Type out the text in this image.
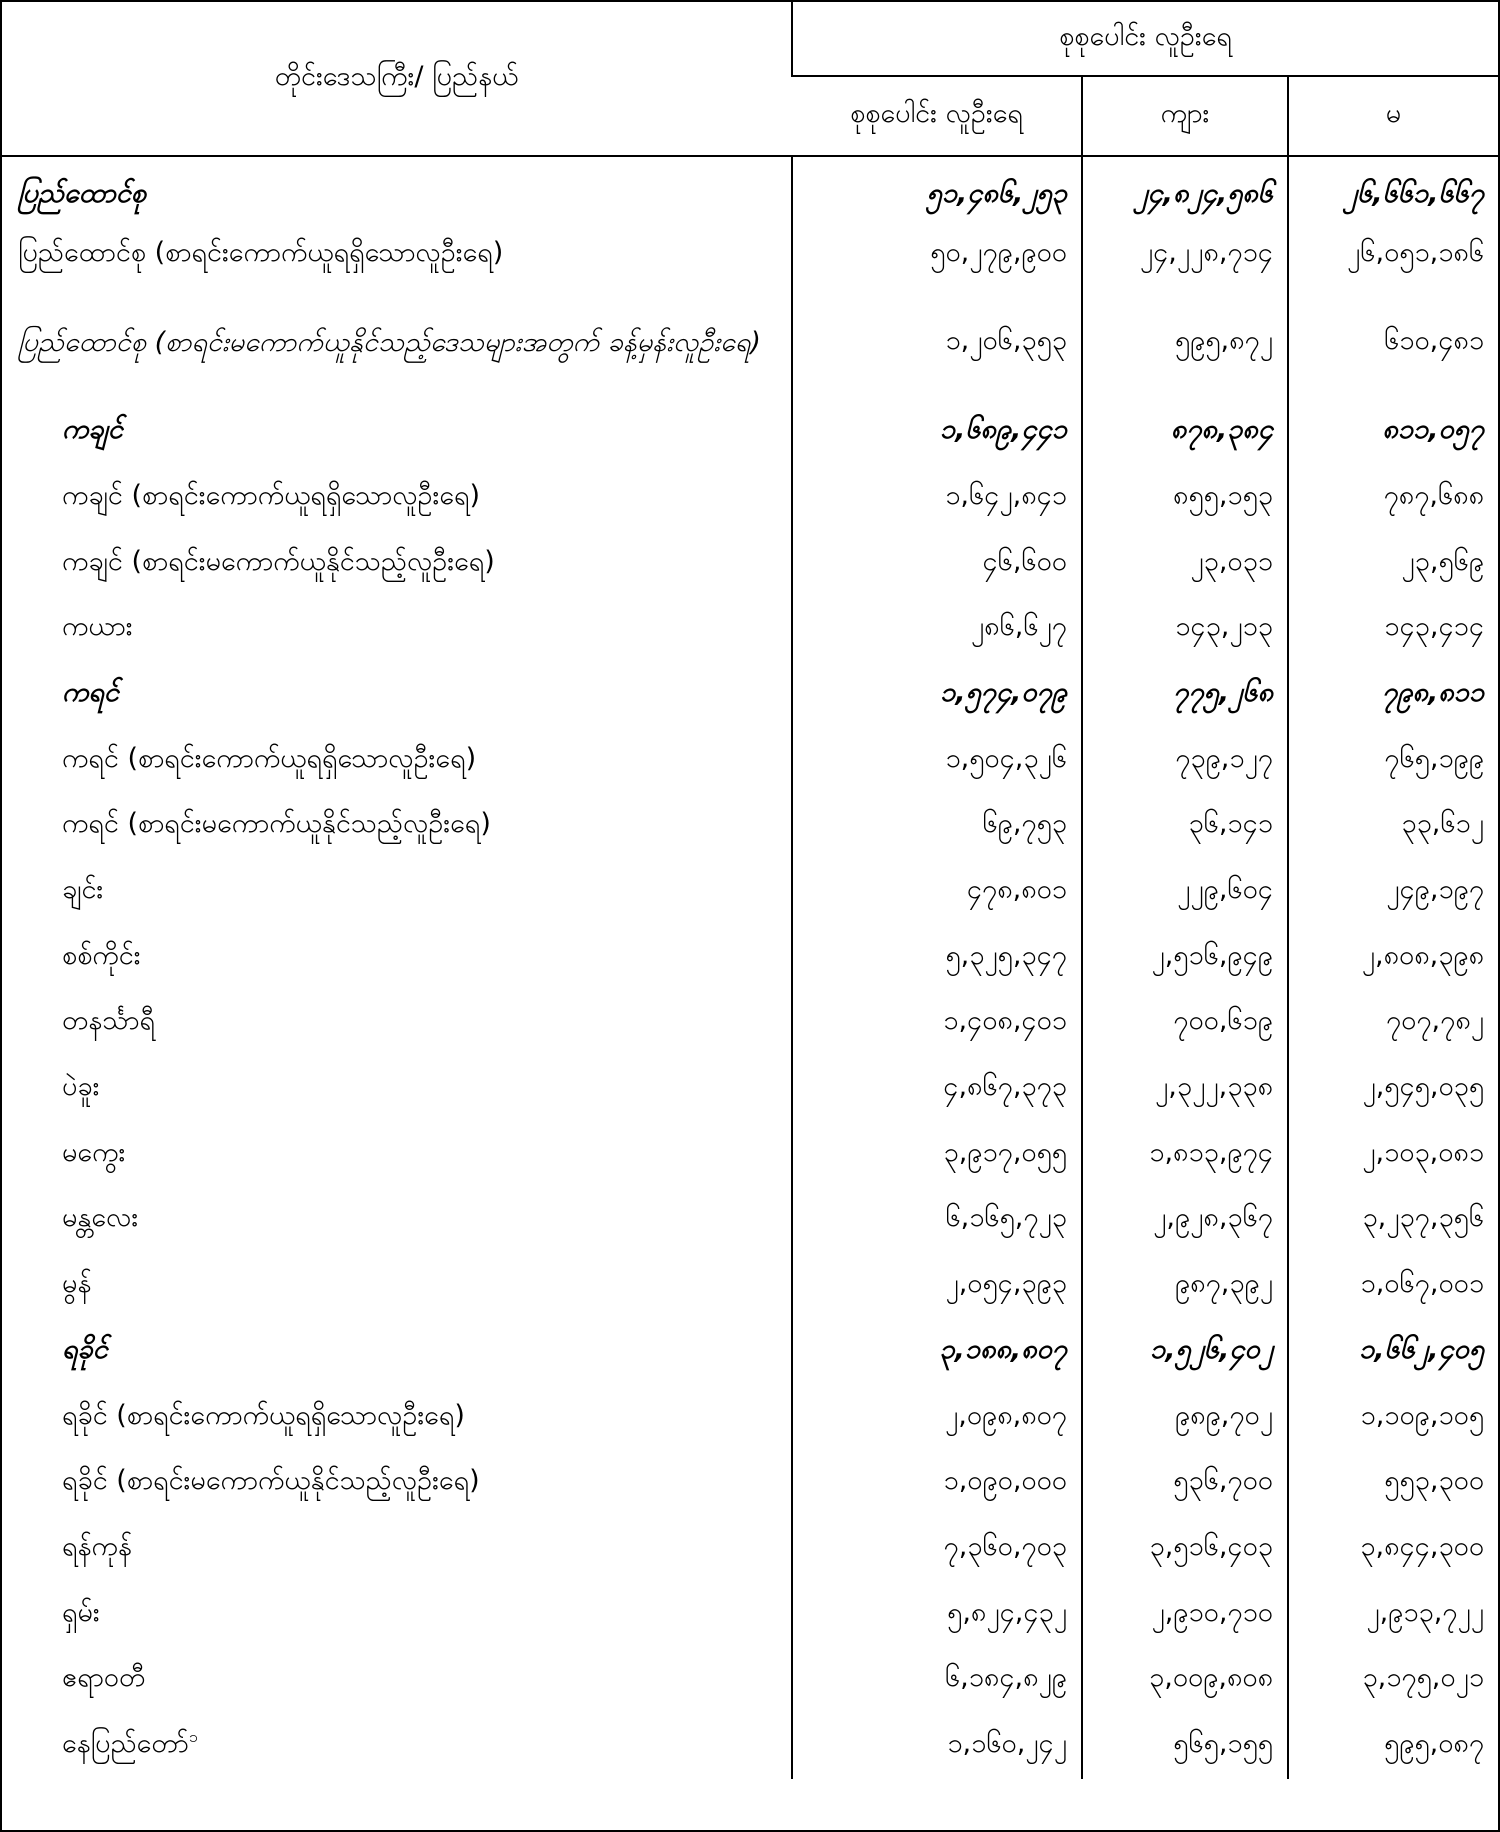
တိုင်းဒေသကြီး/ ပြည်နယ်	စုစုပေါင်း လူဦးရေ		
	စုစုပေါင်း လူဦးရေ	ကျား	မ
ပြည်ထောင်စု	၅၁,၄၈၆,၂၅၃	၂၄,၈၂၄,၅၈၆	၂၆,၆၆၁,၆၆၇
ပြည်ထောင်စု (စာရင်းကောက်ယူရရှိသောလူဦးရေ)	၅၀,၂၇၉,၉၀၀	၂၄,၂၂၈,၇၁၄	၂၆,၀၅၁,၁၈၆
ပြည်ထောင်စု (စာရင်းမကောက်ယူနိုင်သည့်ဒေသများအတွက် ခန့်မှန်းလူဦးရေ)	၁,၂၀၆,၃၅၃	၅၉၅,၈၇၂	၆၁၀,၄၈၁
ကချင်	၁,၆၈၉,၄၄၁	၈၇၈,၃၈၄	၈၁၁,၀၅၇
ကချင် (စာရင်းကောက်ယူရရှိသောလူဦးရေ)	၁,၆၄၂,၈၄၁	၈၅၅,၁၅၃	၇၈၇,၆၈၈
ကချင် (စာရင်းမကောက်ယူနိုင်သည့်လူဦးရေ)	၄၆,၆၀၀	၂၃,၀၃၁	၂၃,၅၆၉
ကယား	၂၈၆,၆၂၇	၁၄၃,၂၁၃	၁၄၃,၄၁၄
ကရင်	၁,၅၇၄,၀၇၉	၇၇၅,၂၆၈	၇၉၈,၈၁၁
ကရင် (စာရင်းကောက်ယူရရှိသောလူဦးရေ)	၁,၅၀၄,၃၂၆	၇၃၉,၁၂၇	၇၆၅,၁၉၉
ကရင် (စာရင်းမကောက်ယူနိုင်သည့်လူဦးရေ)	၆၉,၇၅၃	၃၆,၁၄၁	၃၃,၆၁၂
ချင်း	၄၇၈,၈၀၁	၂၂၉,၆၀၄	၂၄၉,၁၉၇
စစ်ကိုင်း	၅,၃၂၅,၃၄၇	၂,၅၁၆,၉၄၉	၂,၈၀၈,၃၉၈
တနင်္သာရီ	၁,၄၀၈,၄၀၁	၇၀၀,၆၁၉	၇၀၇,၇၈၂
ပဲခူး	၄,၈၆၇,၃၇၃	၂,၃၂၂,၃၃၈	၂,၅၄၅,၀၃၅
မကွေး	၃,၉၁၇,၀၅၅	၁,၈၁၃,၉၇၄	၂,၁၀၃,၀၈၁
မန္တလေး	၆,၁၆၅,၇၂၃	၂,၉၂၈,၃၆၇	၃,၂၃၇,၃၅၆
မွန်	၂,၀၅၄,၃၉၃	၉၈၇,၃၉၂	၁,၀၆၇,၀၀၁
ရခိုင်	၃,၁၈၈,၈၀၇	၁,၅၂၆,၄၀၂	၁,၆၆၂,၄၀၅
ရခိုင် (စာရင်းကောက်ယူရရှိသောလူဦးရေ)	၂,၀၉၈,၈၀၇	၉၈၉,၇၀၂	၁,၁၀၉,၁၀၅
ရခိုင် (စာရင်းမကောက်ယူနိုင်သည့်လူဦးရေ)	၁,၀၉၀,၀၀၀	၅၃၆,၇၀၀	၅၅၃,၃၀၀
ရန်ကုန်	၇,၃၆၀,၇၀၃	၃,၅၁၆,၄၀၃	၃,၈၄၄,၃၀၀
ရှမ်း	၅,၈၂၄,၄၃၂	၂,၉၁၀,၇၁၀	၂,၉၁၃,၇၂၂
ဧရာဝတီ	၆,၁၈၄,၈၂၉	၃,၀၀၉,၈၀၈	၃,၁၇၅,၀၂၁
နေပြည်တော်$^၁$	၁,၁၆၀,၂၄၂	၅၆၅,၁၅၅	၅၉၅,၀၈၇
